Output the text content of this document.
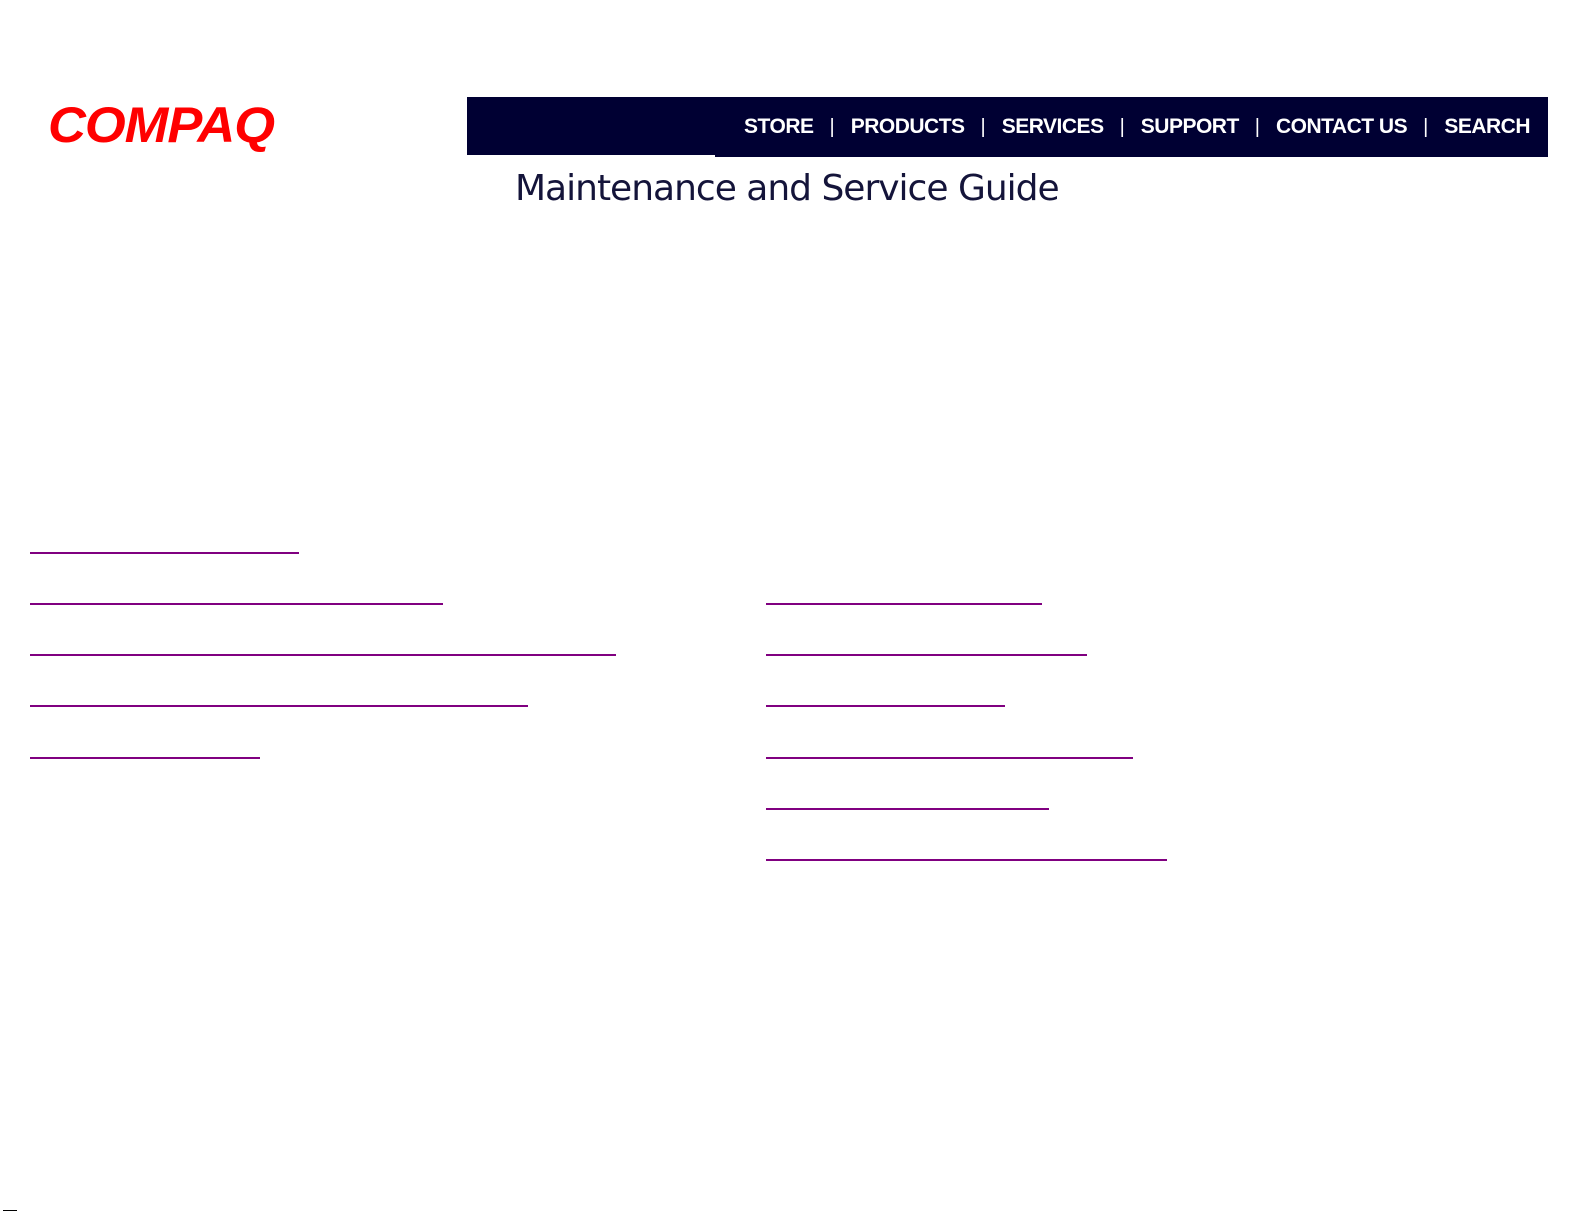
COMPAQ	STORE | PRODUCTS | SERVICES | SUPPORT | CONTACT US | SEARCH
Maintenance and Service Guide
